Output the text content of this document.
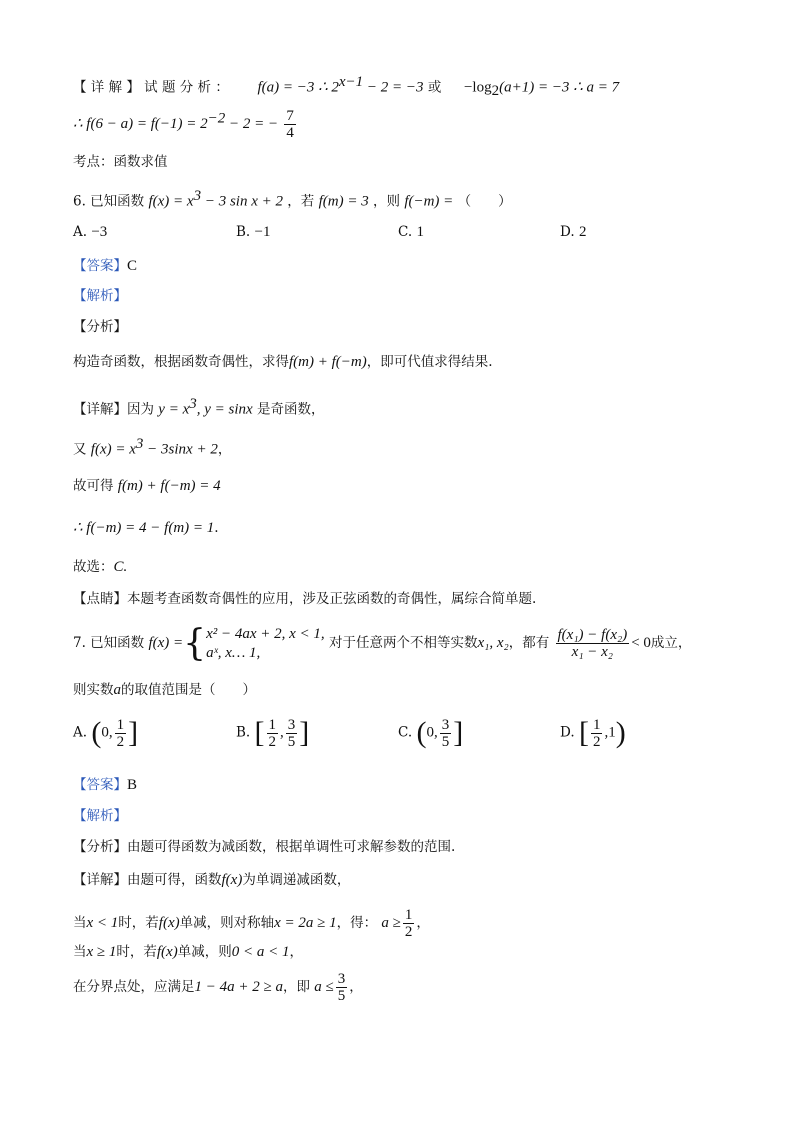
【 详 解 】 试 题 分 析 ： f(a) = −3 ∴ $2^{x-1} - 2 = -3$ 或 $-\log_2(a+1) = -3$ ∴ a = 7
∴ $f(6 - a) = f(-1) = 2^{-2} - 2$ = − $\frac{7}{4}$
考点：函数求值
6. 已知函数 $f(x) = x^3 - 3$ sin x + 2 ，若 f(m) = 3 ，则 f(−m) = （　　）
A. −3	B. −1	C. 1	D. 2
【答案】C
【解析】
【分析】
构造奇函数，根据函数奇偶性，求得f(m) + f(−m)，即可代值求得结果.
【详解】因为 $y = x^3$, y = sinx 是奇函数，
又 $f(x) = x^3 - 3\sin x + 2$，
故可得 f(m) + f(−m) = 4
∴ f(−m) = 4 − f(m) = 1.
故选：C.
【点睛】本题考查函数奇偶性的应用，涉及正弦函数的奇偶性，属综合简单题.
7. 已知函数 f(x) ={ x² − 4ax + 2, x < 1,
aˣ, x… 1,
对于任意两个不相等实数x₁, x₂，都有 $\frac{\text{f(x₁) − f(x₂)}}{\text{x₁ − x₂}} < 0$成立，
则实数a的取值范围是（　　）
A. (0, $\frac{1}{2}$ ]	B. [ $\frac{1}{2}$ , $\frac{3}{5}$ ]	C. (0, $\frac{3}{5}$ ]	D. [ $\frac{1}{2} ,1$)
【答案】B
【解析】
【分析】由题可得函数为减函数，根据单调性可求解参数的范围.
【详解】由题可得，函数f(x)为单调递减函数，
当x < 1时，若f(x)单减，则对称轴x = 2a ≥ 1，得： $a \ge \frac{1}{2}$ ，
当x ≥ 1时，若f(x)单减，则0 < a < 1，
在分界点处，应满足1 − 4a + 2 ≥ a，即 $a \le \frac{3}{5}$ ，
